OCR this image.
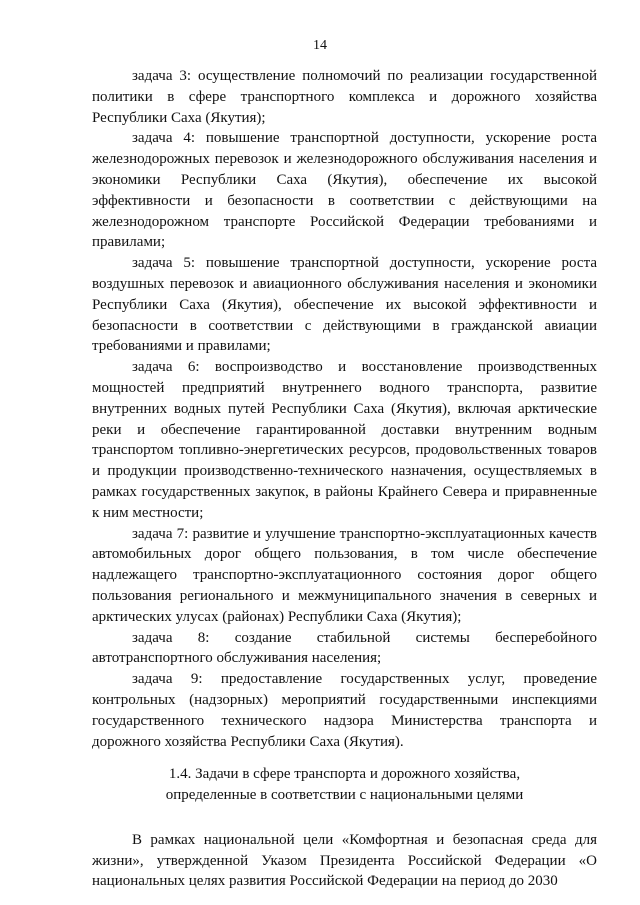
14

задача 3: осуществление полномочий по реализации государственной политики в сфере транспортного комплекса и дорожного хозяйства Республики Саха (Якутия);

задача 4: повышение транспортной доступности, ускорение роста железнодорожных перевозок и железнодорожного обслуживания населения и экономики Республики Саха (Якутия), обеспечение их высокой эффективности и безопасности в соответствии с действующими на железнодорожном транспорте Российской Федерации требованиями и правилами;

задача 5: повышение транспортной доступности, ускорение роста воздушных перевозок и авиационного обслуживания населения и экономики Республики Саха (Якутия), обеспечение их высокой эффективности и безопасности в соответствии с действующими в гражданской авиации требованиями и правилами;

задача 6: воспроизводство и восстановление производственных мощностей предприятий внутреннего водного транспорта, развитие внутренних водных путей Республики Саха (Якутия), включая арктические реки и обеспечение гарантированной доставки внутренним водным транспортом топливно-энергетических ресурсов, продовольственных товаров и продукции производственно-технического назначения, осуществляемых в рамках государственных закупок, в районы Крайнего Севера и приравненные к ним местности;

задача 7: развитие и улучшение транспортно-эксплуатационных качеств автомобильных дорог общего пользования, в том числе обеспечение надлежащего транспортно-эксплуатационного состояния дорог общего пользования регионального и межмуниципального значения в северных и арктических улусах (районах) Республики Саха (Якутия);

задача 8: создание стабильной системы бесперебойного автотранспортного обслуживания населения;

задача 9: предоставление государственных услуг, проведение контрольных (надзорных) мероприятий государственными инспекциями государственного технического надзора Министерства транспорта и дорожного хозяйства Республики Саха (Якутия).

1.4. Задачи в сфере транспорта и дорожного хозяйства,
определенные в соответствии с национальными целями

В рамках национальной цели «Комфортная и безопасная среда для жизни», утвержденной Указом Президента Российской Федерации «О национальных целях развития Российской Федерации на период до 2030
